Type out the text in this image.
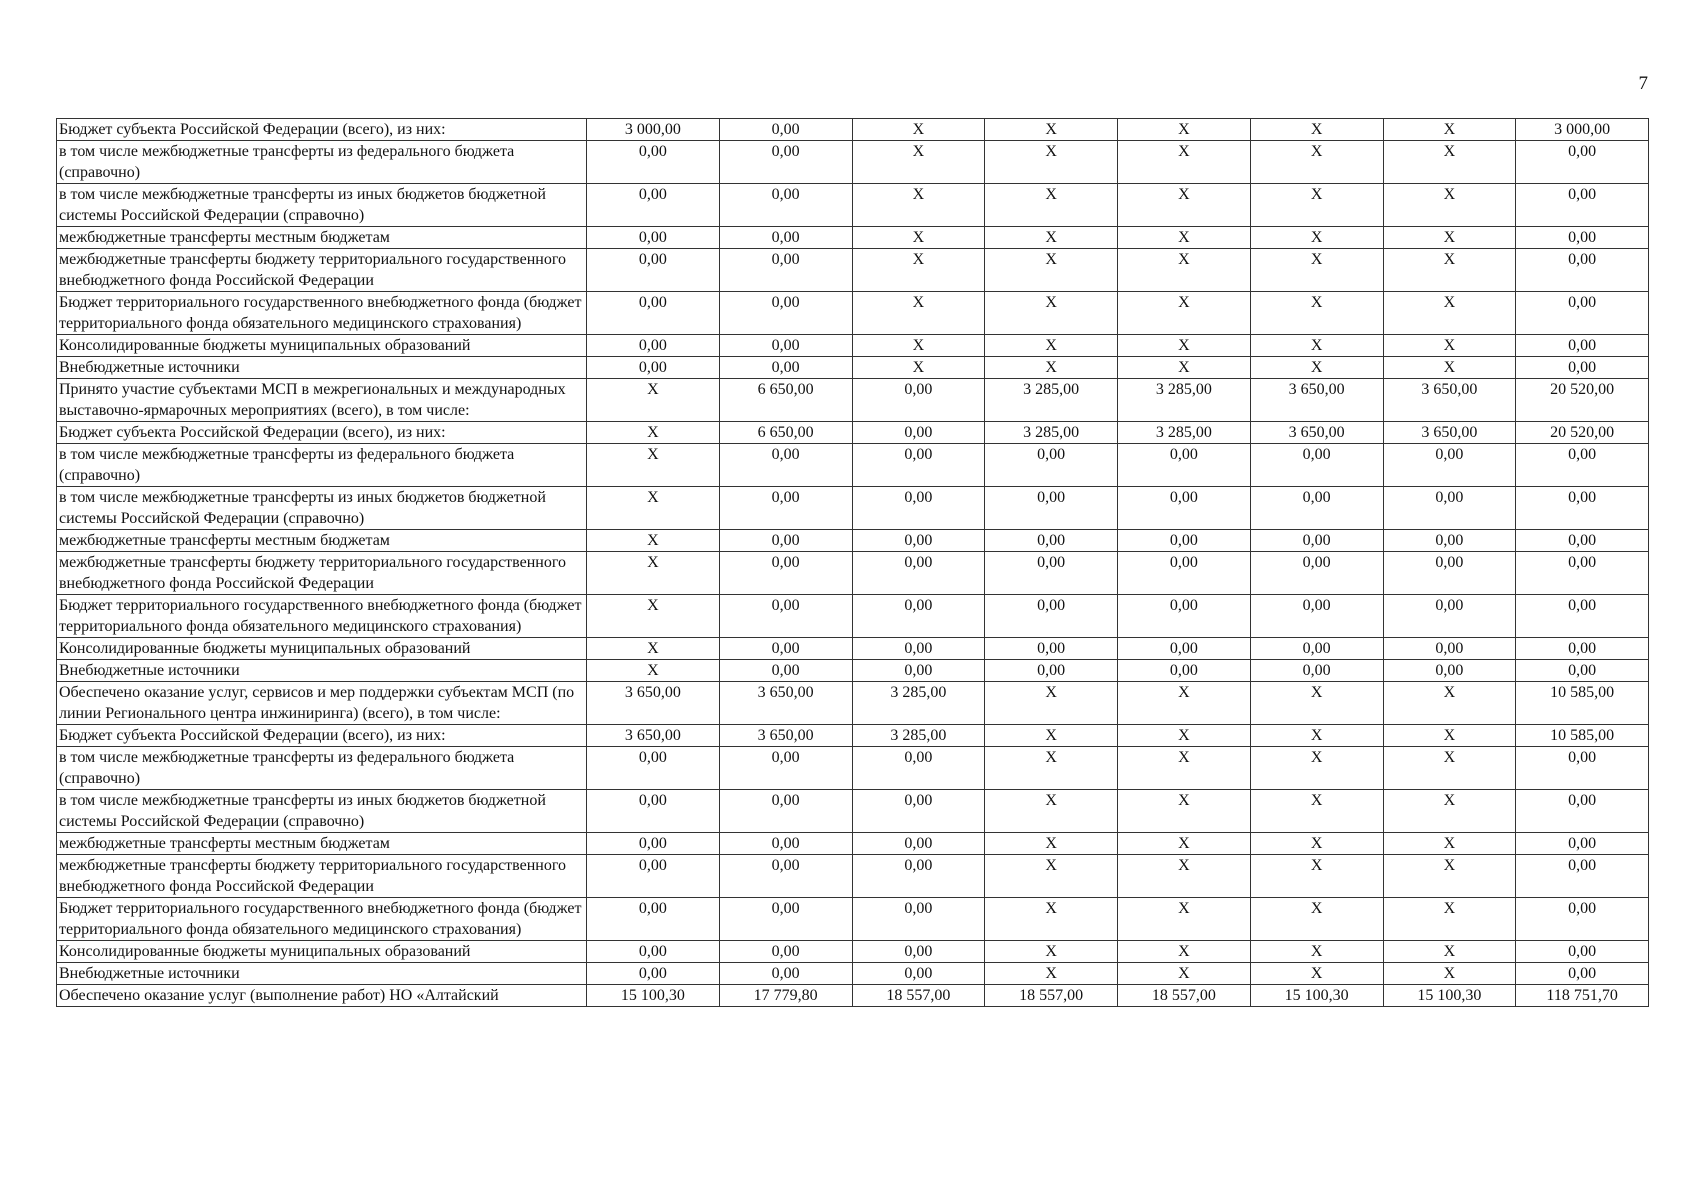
7
Бюджет субъекта Российской Федерации (всего), из них:	3 000,00	0,00	Х	Х	Х	Х	Х	3 000,00
в том числе межбюджетные трансферты из федерального бюджета (справочно)	0,00	0,00	Х	Х	Х	Х	Х	0,00
в том числе межбюджетные трансферты из иных бюджетов бюджетной системы Российской Федерации (справочно)	0,00	0,00	Х	Х	Х	Х	Х	0,00
межбюджетные трансферты местным бюджетам	0,00	0,00	Х	Х	Х	Х	Х	0,00
межбюджетные трансферты бюджету территориального государственного внебюджетного фонда Российской Федерации	0,00	0,00	Х	Х	Х	Х	Х	0,00
Бюджет территориального государственного внебюджетного фонда (бюджет территориального фонда обязательного медицинского страхования)	0,00	0,00	Х	Х	Х	Х	Х	0,00
Консолидированные бюджеты муниципальных образований	0,00	0,00	Х	Х	Х	Х	Х	0,00
Внебюджетные источники	0,00	0,00	Х	Х	Х	Х	Х	0,00
Принято участие субъектами МСП в межрегиональных и международных выставочно-ярмарочных мероприятиях (всего), в том числе:	Х	6 650,00	0,00	3 285,00	3 285,00	3 650,00	3 650,00	20 520,00
Бюджет субъекта Российской Федерации (всего), из них:	Х	6 650,00	0,00	3 285,00	3 285,00	3 650,00	3 650,00	20 520,00
в том числе межбюджетные трансферты из федерального бюджета (справочно)	Х	0,00	0,00	0,00	0,00	0,00	0,00	0,00
в том числе межбюджетные трансферты из иных бюджетов бюджетной системы Российской Федерации (справочно)	Х	0,00	0,00	0,00	0,00	0,00	0,00	0,00
межбюджетные трансферты местным бюджетам	Х	0,00	0,00	0,00	0,00	0,00	0,00	0,00
межбюджетные трансферты бюджету территориального государственного внебюджетного фонда Российской Федерации	Х	0,00	0,00	0,00	0,00	0,00	0,00	0,00
Бюджет территориального государственного внебюджетного фонда (бюджет территориального фонда обязательного медицинского страхования)	Х	0,00	0,00	0,00	0,00	0,00	0,00	0,00
Консолидированные бюджеты муниципальных образований	Х	0,00	0,00	0,00	0,00	0,00	0,00	0,00
Внебюджетные источники	Х	0,00	0,00	0,00	0,00	0,00	0,00	0,00
Обеспечено оказание услуг, сервисов и мер поддержки субъектам МСП (по линии Регионального центра инжиниринга) (всего), в том числе:	3 650,00	3 650,00	3 285,00	Х	Х	Х	Х	10 585,00
Бюджет субъекта Российской Федерации (всего), из них:	3 650,00	3 650,00	3 285,00	Х	Х	Х	Х	10 585,00
в том числе межбюджетные трансферты из федерального бюджета (справочно)	0,00	0,00	0,00	Х	Х	Х	Х	0,00
в том числе межбюджетные трансферты из иных бюджетов бюджетной системы Российской Федерации (справочно)	0,00	0,00	0,00	Х	Х	Х	Х	0,00
межбюджетные трансферты местным бюджетам	0,00	0,00	0,00	Х	Х	Х	Х	0,00
межбюджетные трансферты бюджету территориального государственного внебюджетного фонда Российской Федерации	0,00	0,00	0,00	Х	Х	Х	Х	0,00
Бюджет территориального государственного внебюджетного фонда (бюджет территориального фонда обязательного медицинского страхования)	0,00	0,00	0,00	Х	Х	Х	Х	0,00
Консолидированные бюджеты муниципальных образований	0,00	0,00	0,00	Х	Х	Х	Х	0,00
Внебюджетные источники	0,00	0,00	0,00	Х	Х	Х	Х	0,00
Обеспечено оказание услуг (выполнение работ) НО «Алтайский	15 100,30	17 779,80	18 557,00	18 557,00	18 557,00	15 100,30	15 100,30	118 751,70
